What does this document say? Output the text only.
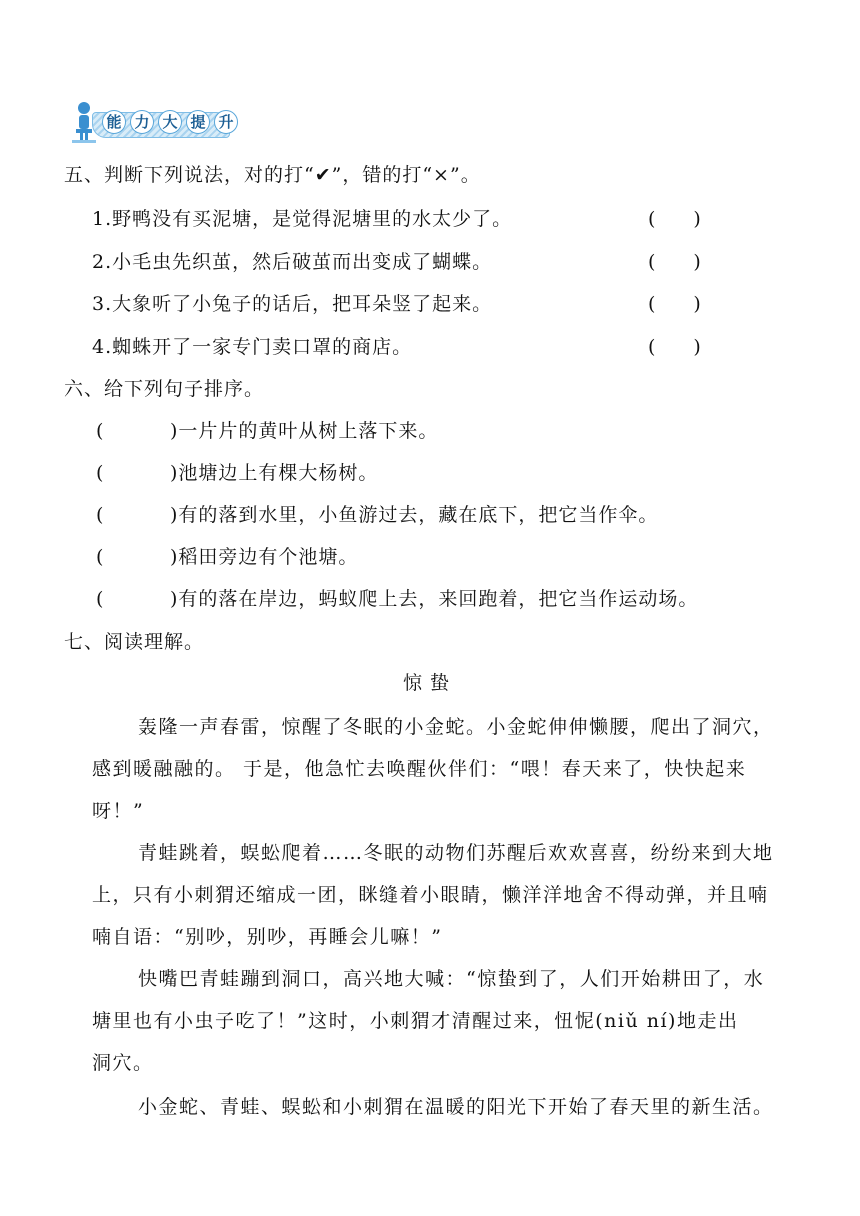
能 力 大 提 升
五、判断下列说法，对的打“✔”，错的打“×”。
1.野鸭没有买泥塘，是觉得泥塘里的水太少了。	(　　)
2.小毛虫先织茧，然后破茧而出变成了蝴蝶。	(　　)
3.大象听了小兔子的话后，把耳朵竖了起来。	(　　)
4.蜘蛛开了一家专门卖口罩的商店。	(　　)
六、给下列句子排序。
(	)一片片的黄叶从树上落下来。
(	)池塘边上有棵大杨树。
(	)有的落到水里，小鱼游过去，藏在底下，把它当作伞。
(	)稻田旁边有个池塘。
(	)有的落在岸边，蚂蚁爬上去，来回跑着，把它当作运动场。
七、阅读理解。
惊蛰
轰隆一声春雷，惊醒了冬眠的小金蛇。小金蛇伸伸懒腰，爬出了洞穴，
感到暖融融的。 于是，他急忙去唤醒伙伴们：“喂！春天来了，快快起来
呀！”
青蛙跳着，蜈蚣爬着……冬眠的动物们苏醒后欢欢喜喜，纷纷来到大地
上，只有小刺猬还缩成一团，眯缝着小眼睛，懒洋洋地舍不得动弹，并且喃
喃自语：“别吵，别吵，再睡会儿嘛！”
快嘴巴青蛙蹦到洞口，高兴地大喊：“惊蛰到了，人们开始耕田了，水
塘里也有小虫子吃了！”这时，小刺猬才清醒过来，忸怩(niǔ ní)地走出
洞穴。
小金蛇、青蛙、蜈蚣和小刺猬在温暖的阳光下开始了春天里的新生活。
